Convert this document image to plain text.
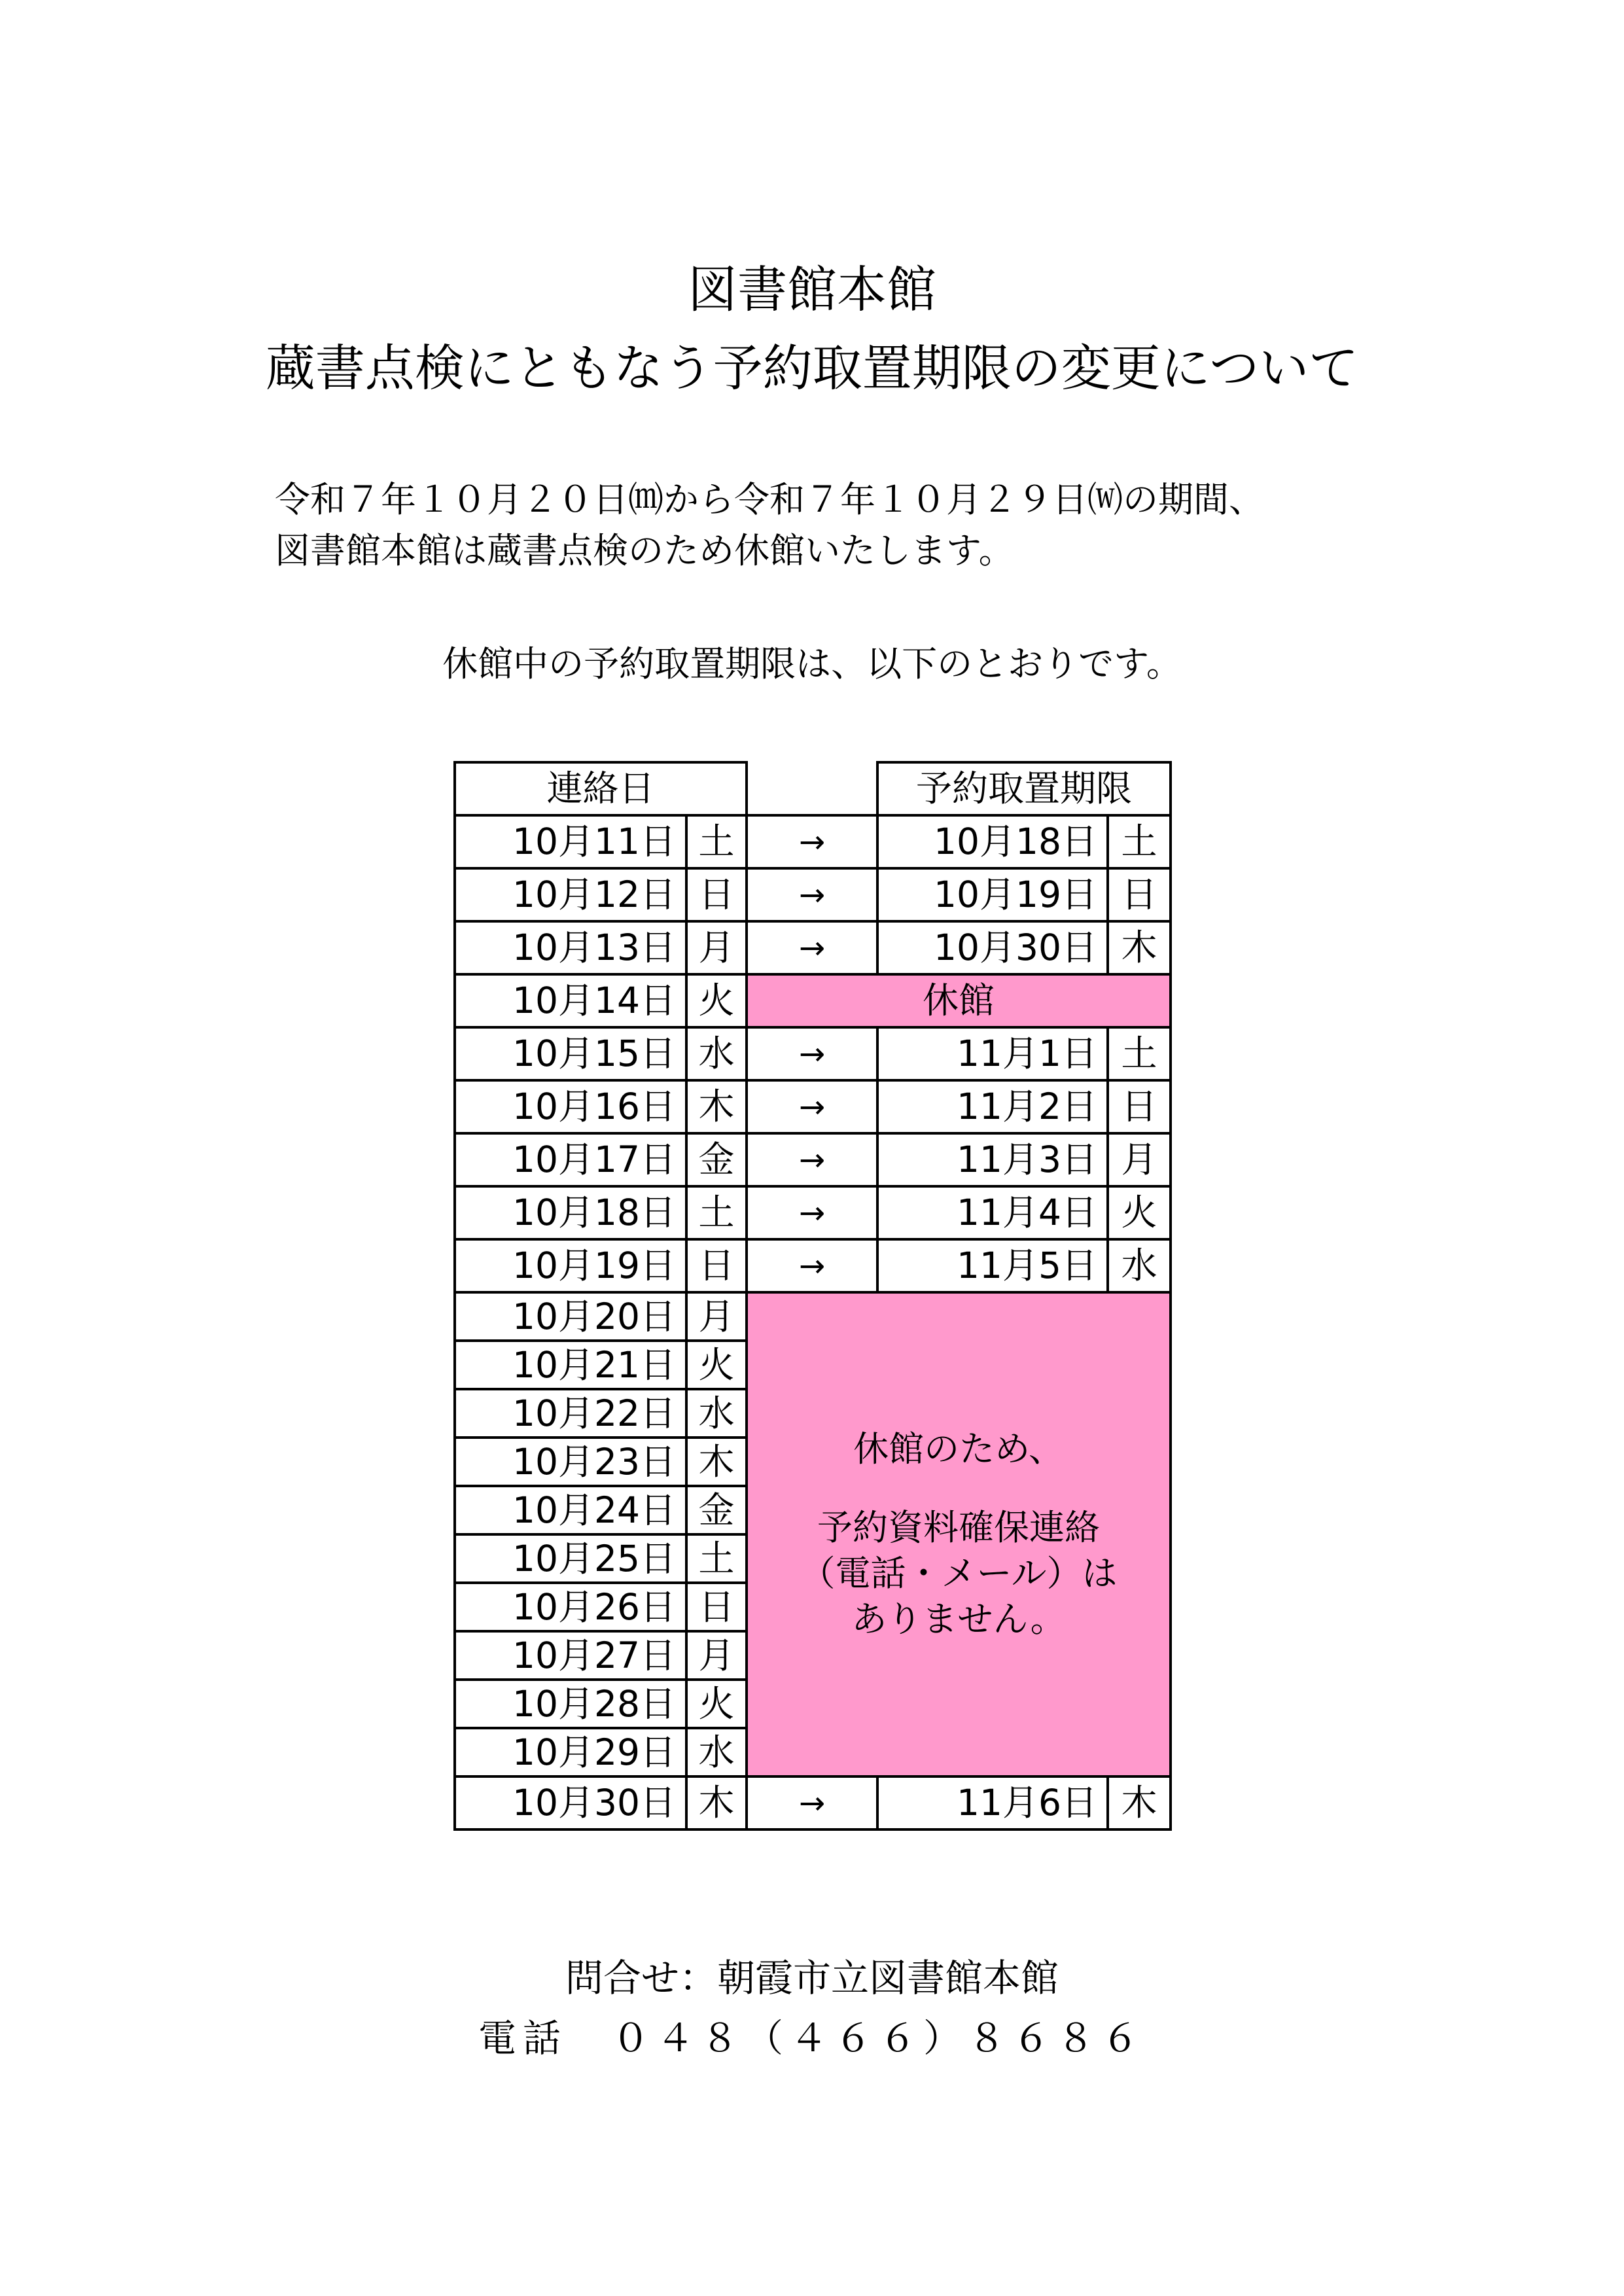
図書館本館
蔵書点検にともなう予約取置期限の変更について
令和７年１０月２０日⒨から令和７年１０月２９日⒲の期間、
図書館本館は蔵書点検のため休館いたします。
休館中の予約取置期限は、以下のとおりです。
連絡日			予約取置期限	
10月11日	土	→	10月18日	土
10月12日	日	→	10月19日	日
10月13日	月	→	10月30日	木
10月14日	火	休館		
10月15日	水	→	11月1日	土
10月16日	木	→	11月2日	日
10月17日	金	→	11月3日	月
10月18日	土	→	11月4日	火
10月19日	日	→	11月5日	水
10月20日	月	休館のため、
予約資料確保連絡
（電話・メール）は
ありません。		

10月21日	火			
10月22日	水			
10月23日	木			
10月24日	金			
10月25日	土			
10月26日	日			
10月27日	月			
10月28日	火			
10月29日	水			
10月30日	木	→	11月6日	木
問合せ：朝霞市立図書館本館
電話　０４８（４６６）８６８６
